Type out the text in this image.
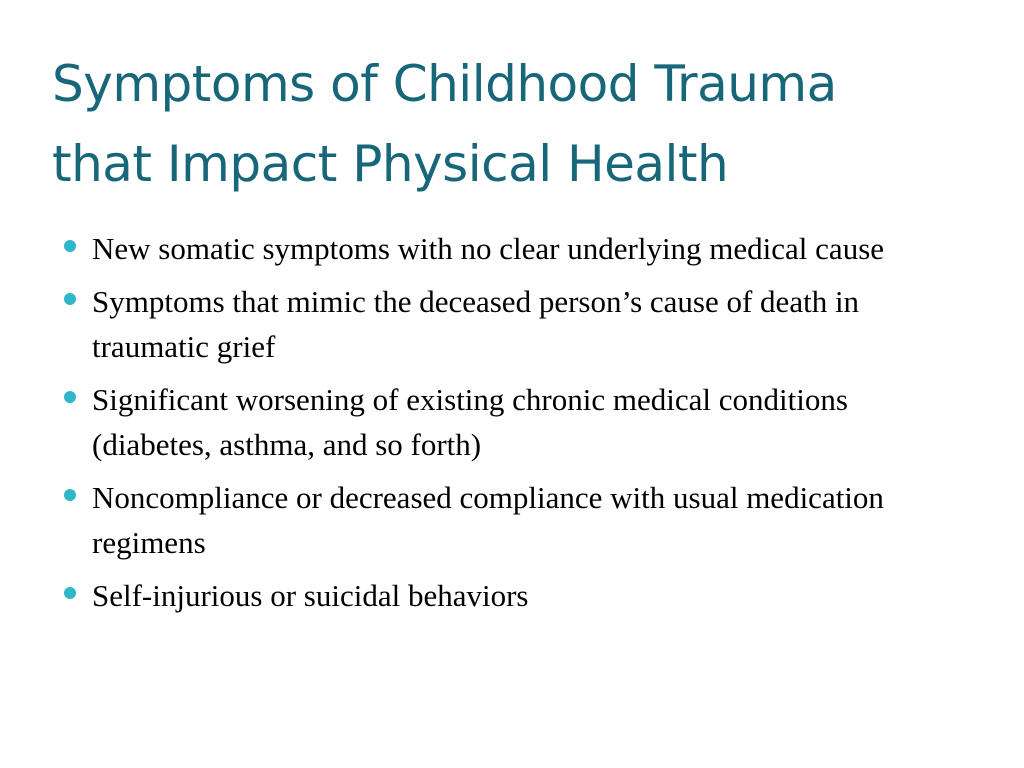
Symptoms of Childhood Trauma
that Impact Physical Health
New somatic symptoms with no clear underlying medical cause
Symptoms that mimic the deceased person’s cause of death in traumatic grief
Significant worsening of existing chronic medical conditions (diabetes, asthma, and so forth)
Noncompliance or decreased compliance with usual medication regimens
Self-injurious or suicidal behaviors
